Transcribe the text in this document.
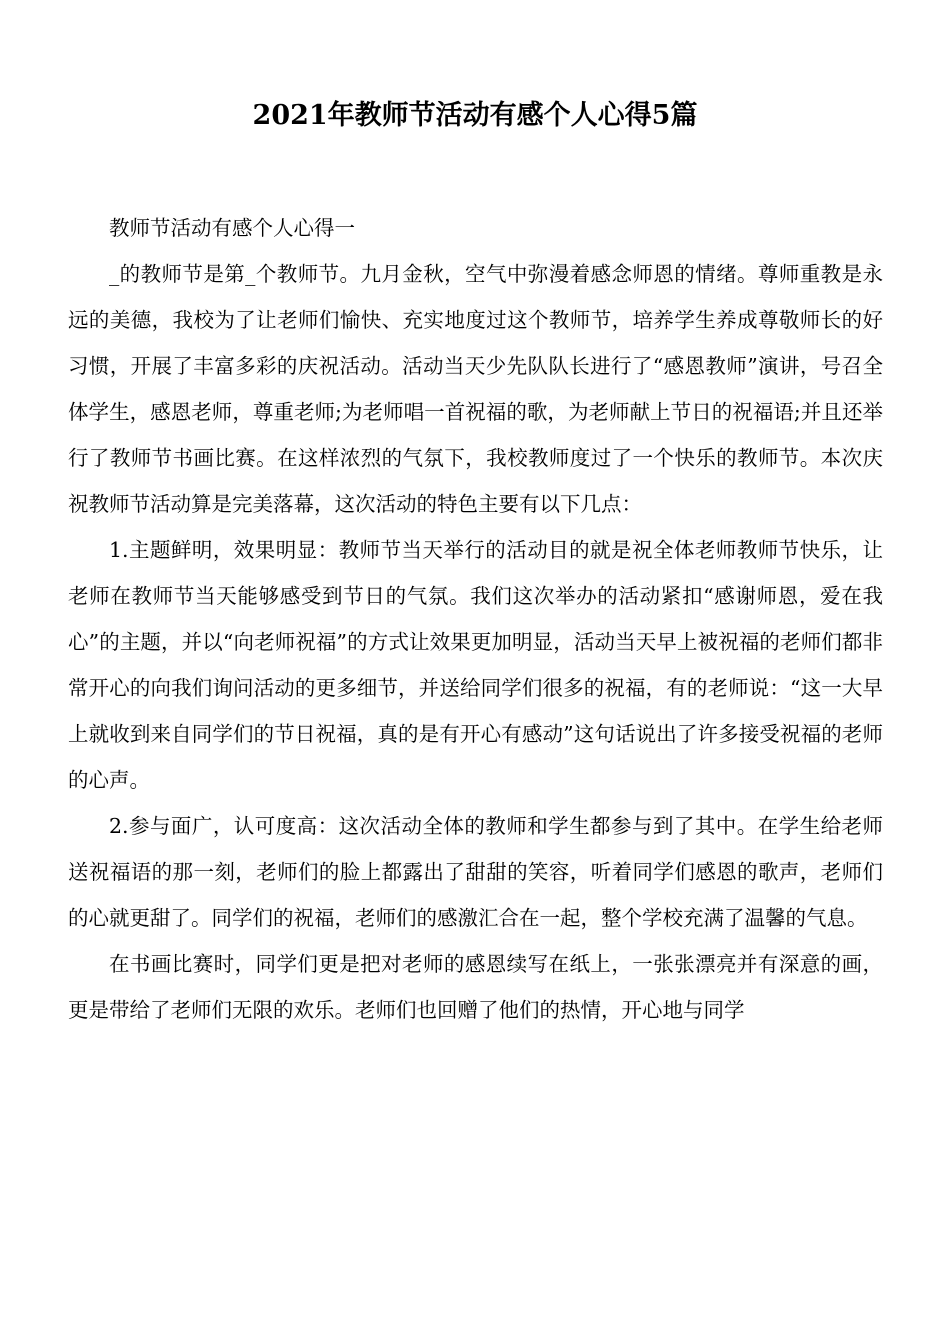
2021年教师节活动有感个人心得5篇

教师节活动有感个人心得一

_的教师节是第_个教师节。九月金秋，空气中弥漫着感念师恩的情绪。尊师重教是永远的美德，我校为了让老师们愉快、充实地度过这个教师节，培养学生养成尊敬师长的好习惯，开展了丰富多彩的庆祝活动。活动当天少先队队长进行了“感恩教师”演讲，号召全体学生，感恩老师，尊重老师;为老师唱一首祝福的歌，为老师献上节日的祝福语;并且还举行了教师节书画比赛。在这样浓烈的气氛下，我校教师度过了一个快乐的教师节。本次庆祝教师节活动算是完美落幕，这次活动的特色主要有以下几点：

1.主题鲜明，效果明显：教师节当天举行的活动目的就是祝全体老师教师节快乐，让老师在教师节当天能够感受到节日的气氛。我们这次举办的活动紧扣“感谢师恩，爱在我心”的主题，并以“向老师祝福”的方式让效果更加明显，活动当天早上被祝福的老师们都非常开心的向我们询问活动的更多细节，并送给同学们很多的祝福，有的老师说：“这一大早上就收到来自同学们的节日祝福，真的是有开心有感动”这句话说出了许多接受祝福的老师的心声。

2.参与面广，认可度高：这次活动全体的教师和学生都参与到了其中。在学生给老师送祝福语的那一刻，老师们的脸上都露出了甜甜的笑容，听着同学们感恩的歌声，老师们的心就更甜了。同学们的祝福，老师们的感激汇合在一起，整个学校充满了温馨的气息。

在书画比赛时，同学们更是把对老师的感恩续写在纸上，一张张漂亮并有深意的画，更是带给了老师们无限的欢乐。老师们也回赠了他们的热情，开心地与同学
